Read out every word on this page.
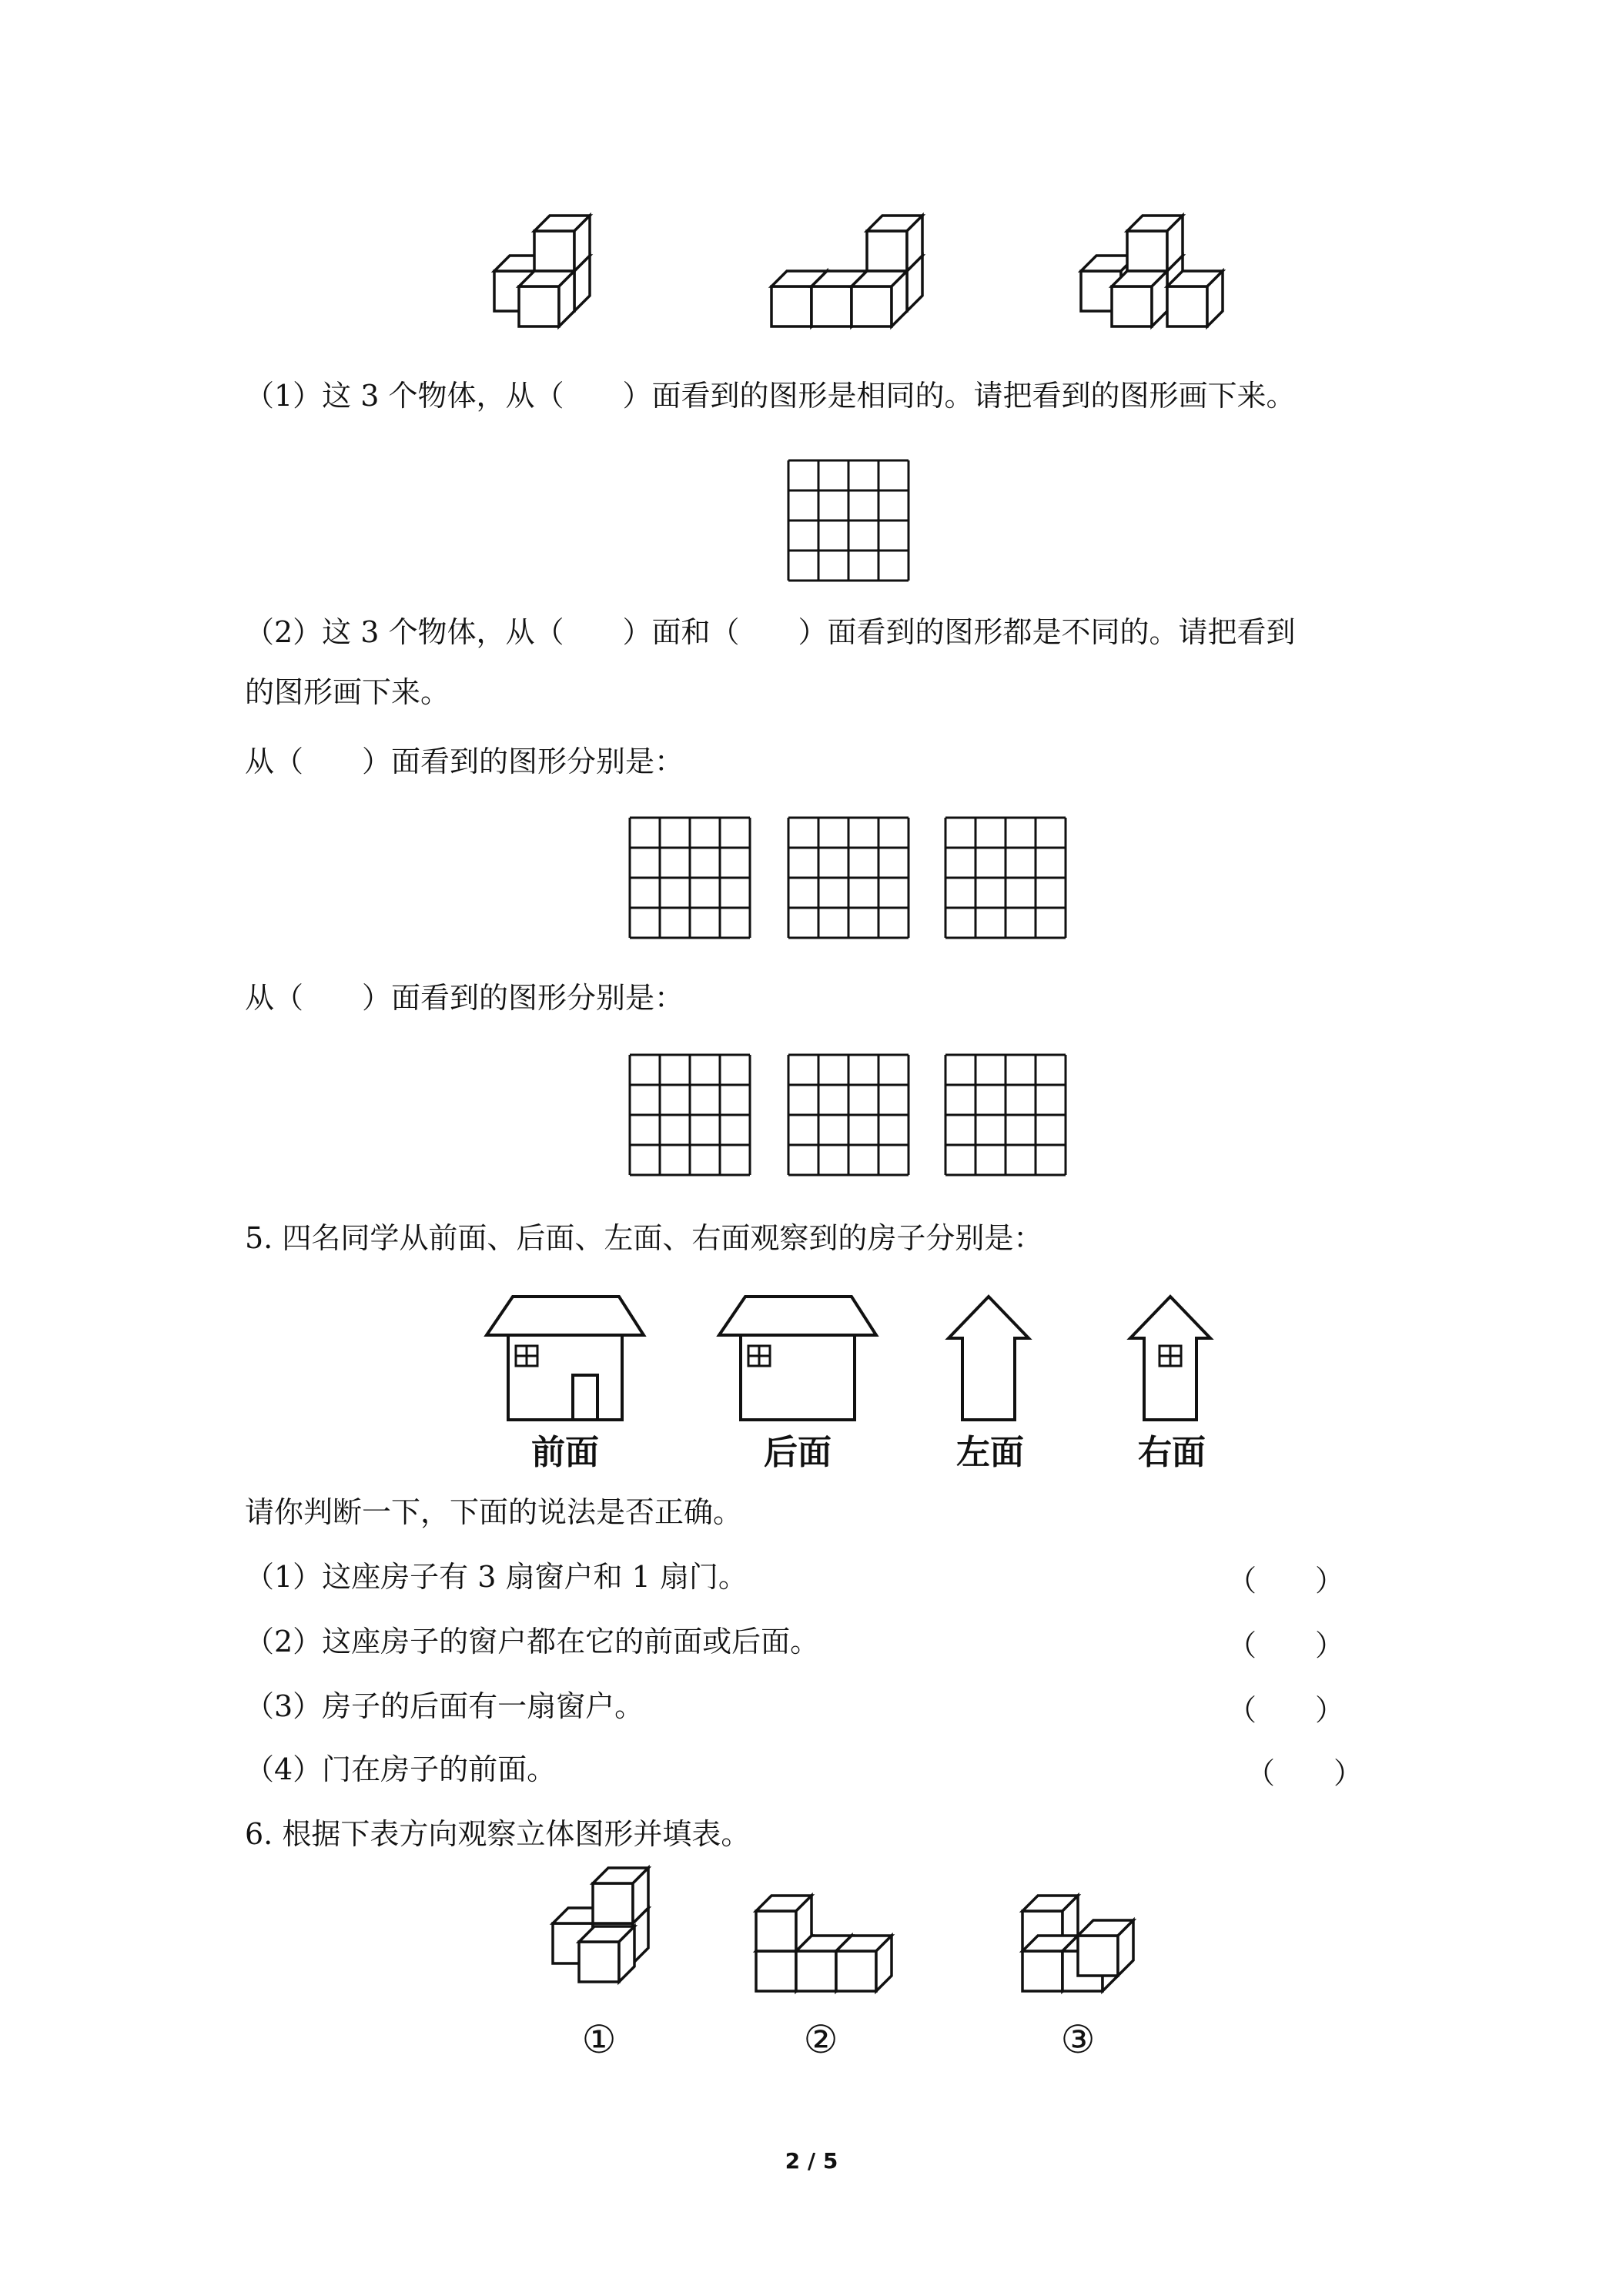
（1）这 3 个物体，从（　　）面看到的图形是相同的。请把看到的图形画下来。
（2）这 3 个物体，从（　　）面和（　　）面看到的图形都是不同的。请把看到
的图形画下来。
从（　　）面看到的图形分别是：
从（　　）面看到的图形分别是：
5. 四名同学从前面、后面、左面、右面观察到的房子分别是：
前面	后面	左面	右面
请你判断一下，下面的说法是否正确。
（1）这座房子有 3 扇窗户和 1 扇门。	（　　）
（2）这座房子的窗户都在它的前面或后面。	（　　）
（3）房子的后面有一扇窗户。	（　　）
（4）门在房子的前面。	（　　）
6. 根据下表方向观察立体图形并填表。
①	②	③
2 / 5
